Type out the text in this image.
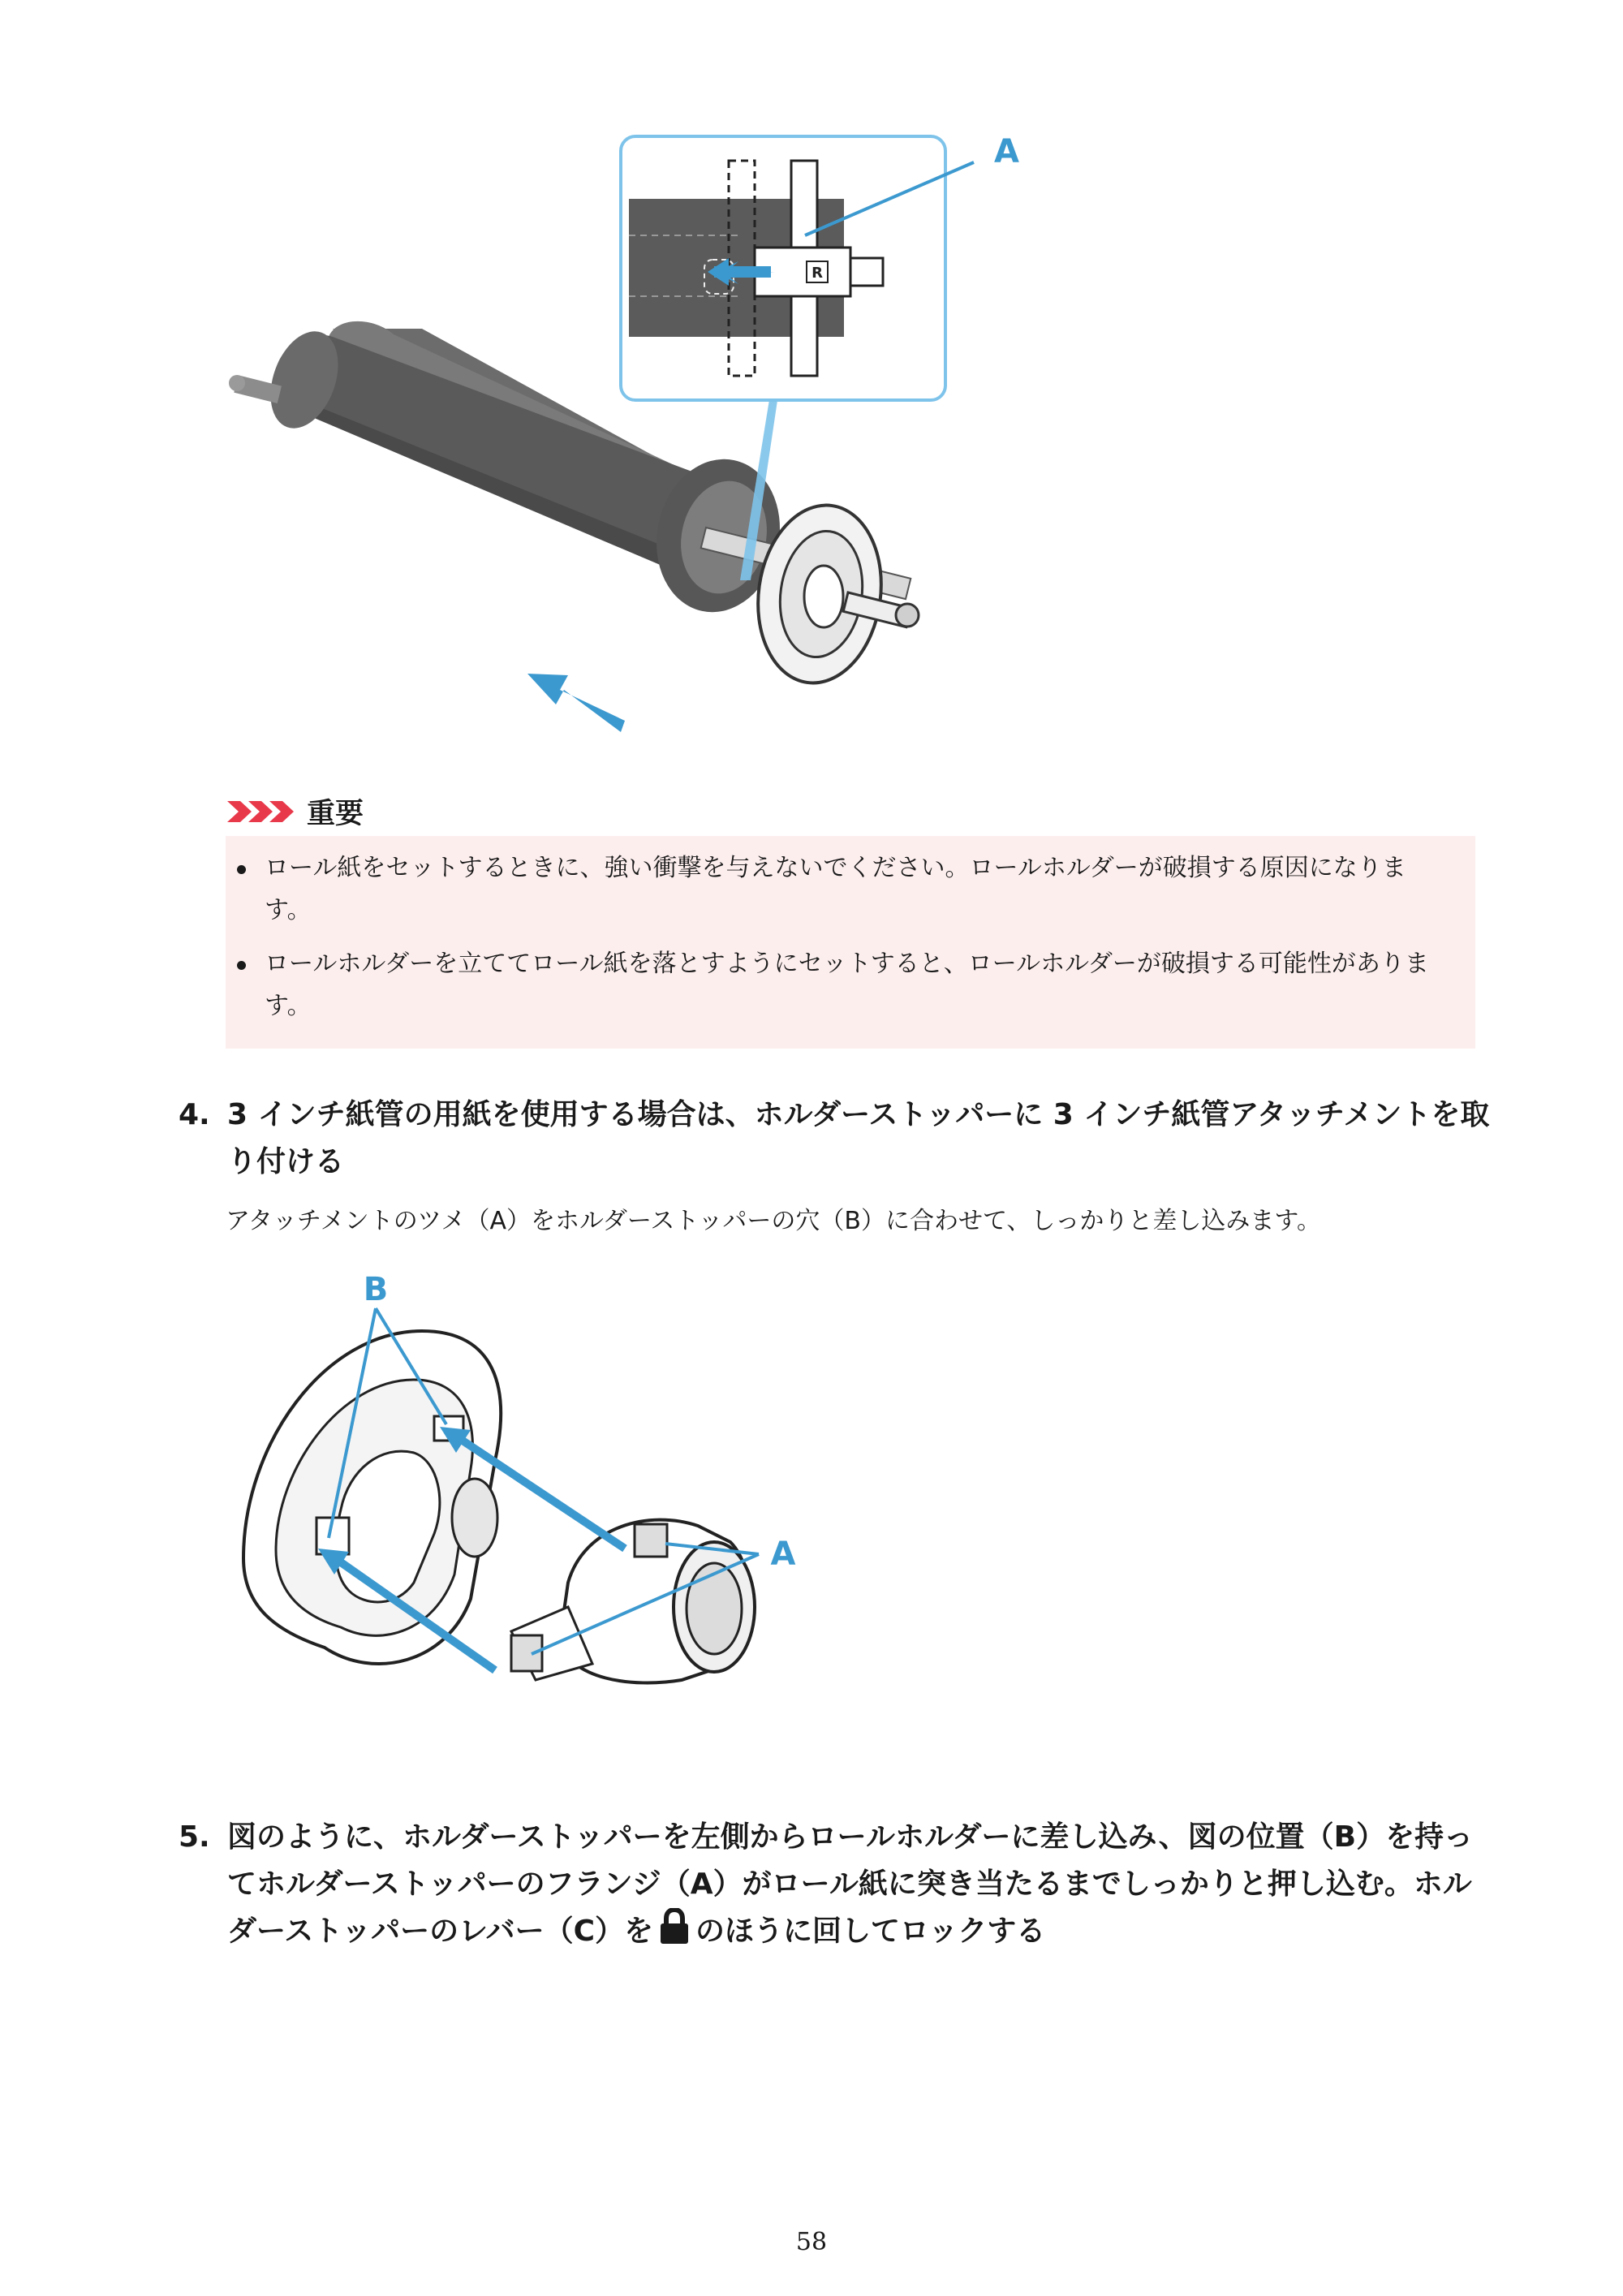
R
A
重要
ロール紙をセットするときに、強い衝撃を与えないでください。ロールホルダーが破損する原因になります。
ロールホルダーを立ててロール紙を落とすようにセットすると、ロールホルダーが破損する可能性があります。
4. 3 インチ紙管の用紙を使用する場合は、ホルダーストッパーに 3 インチ紙管アタッチメントを取り付ける
アタッチメントのツメ（A）をホルダーストッパーの穴（B）に合わせて、しっかりと差し込みます。
B
A
5. 図のように、ホルダーストッパーを左側からロールホルダーに差し込み、図の位置（B）を持ってホルダーストッパーのフランジ（A）がロール紙に突き当たるまでしっかりと押し込む。ホルダーストッパーのレバー（C）を のほうに回してロックする
58
